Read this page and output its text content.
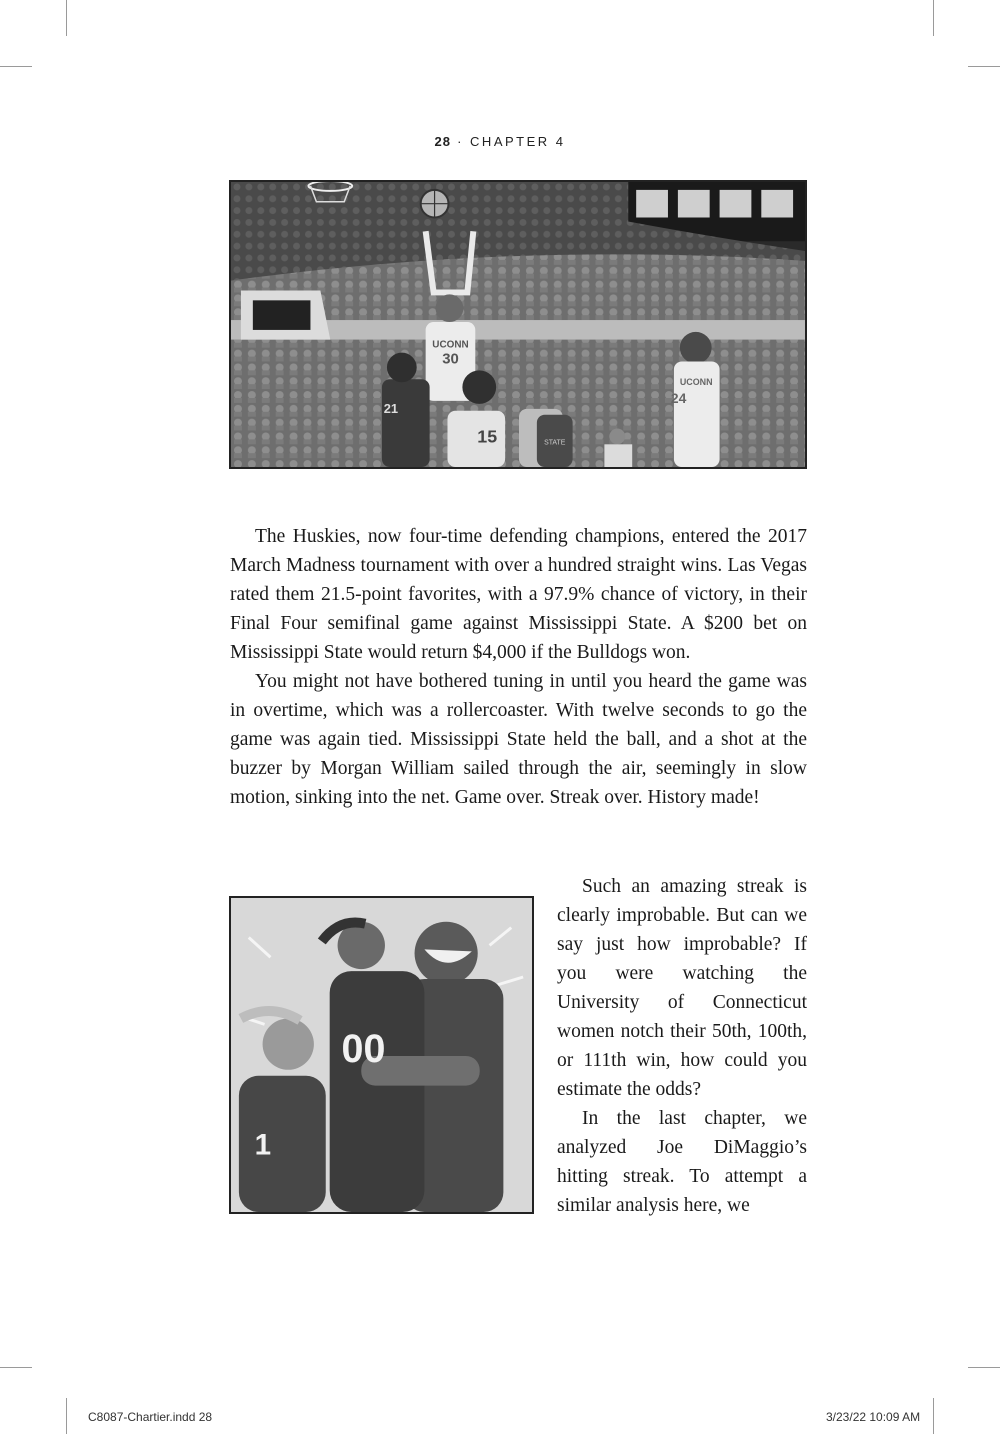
28 · CHAPTER 4
UCONN
30
21
15	STATE
UCONN
24

The Huskies, now four-time defending champions, entered the 2017 March Madness tournament with over a hundred straight wins. Las Vegas rated them 21.5-point favorites, with a 97.9% chance of victory, in their Final Four semifinal game against Mississippi State. A $200 bet on Mississippi State would return $4,000 if the Bulldogs won.

You might not have bothered tuning in until you heard the game was in overtime, which was a rollercoaster. With twelve seconds to go the game was again tied. Mississippi State held the ball, and a shot at the buzzer by Morgan William sailed through the air, seemingly in slow motion, sinking into the net. Game over. Streak over. History made!

00
1

Such an amazing streak is clearly improbable. But can we say just how improbable? If you were watching the University of Connecticut women notch their 50th, 100th, or 111th win, how could you estimate the odds?

In the last chapter, we analyzed Joe DiMaggio’s hitting streak. To attempt a similar analysis here, we

C8087-Chartier.indd 28	3/23/22 10:09 AM
